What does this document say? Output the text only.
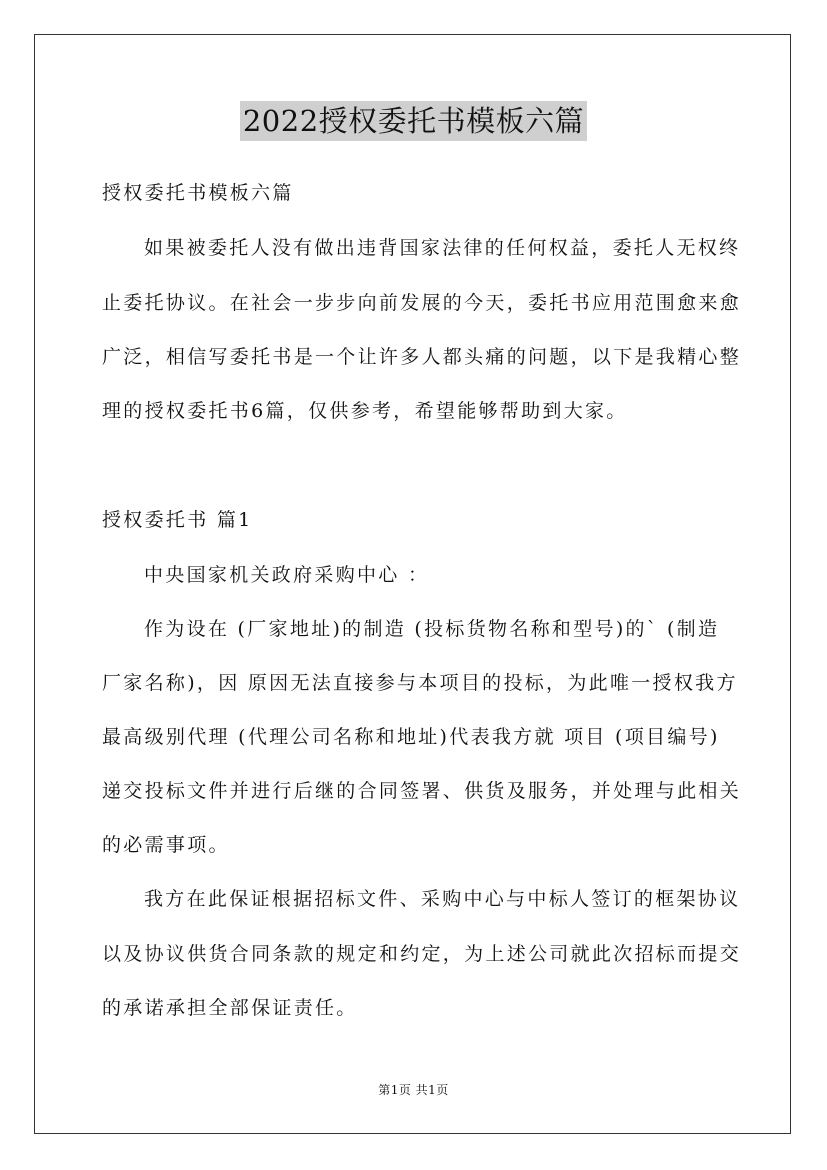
2022授权委托书模板六篇
授权委托书模板六篇
如果被委托人没有做出违背国家法律的任何权益，委托人无权终
止委托协议。在社会一步步向前发展的今天，委托书应用范围愈来愈
广泛，相信写委托书是一个让许多人都头痛的问题，以下是我精心整
理的授权委托书6篇，仅供参考，希望能够帮助到大家。
授权委托书 篇1
中央国家机关政府采购中心 ：
作为设在 (厂家地址)的制造 (投标货物名称和型号)的` (制造
厂家名称)，因 原因无法直接参与本项目的投标，为此唯一授权我方
最高级别代理 (代理公司名称和地址)代表我方就 项目 (项目编号)
递交投标文件并进行后继的合同签署、供货及服务，并处理与此相关
的必需事项。
我方在此保证根据招标文件、采购中心与中标人签订的框架协议
以及协议供货合同条款的规定和约定，为上述公司就此次招标而提交
的承诺承担全部保证责任。
第1页 共1页
